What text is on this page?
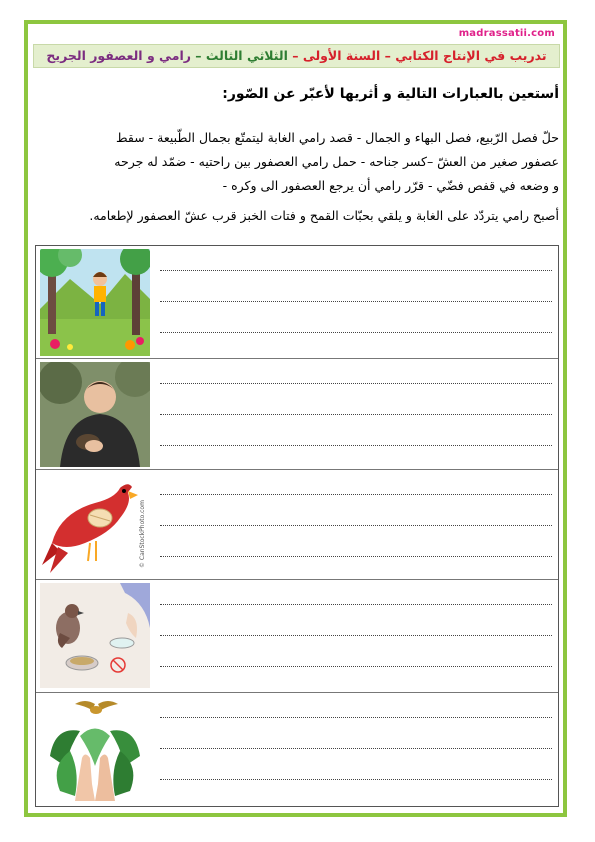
madrassatii.com
تدريب في الإنتاج الكتابي – السنة الأولى – الثلاثي الثالث – رامي و العصفور الجريح
أستعين بالعبارات التالية و أثريها لأعبّر عن الصّور:
حلّ فصل الرّبيع، فصل البهاء و الجمال - قصد رامي الغابة ليتمتّع بجمال الطّبيعة - سقط
عصفور صغير من العشّ –كسر جناحه - حمل رامي العصفور بين راحتيه - ضمّد له جرحه
و وضعه في قفص فضّي - قرّر رامي أن يرجع العصفور الى وكره -
أصبح رامي يتردّد على الغابة و يلقي بحبّات القمح و فتات الخبز قرب عشّ العصفور لإطعامه.
© CanStockPhoto.com
